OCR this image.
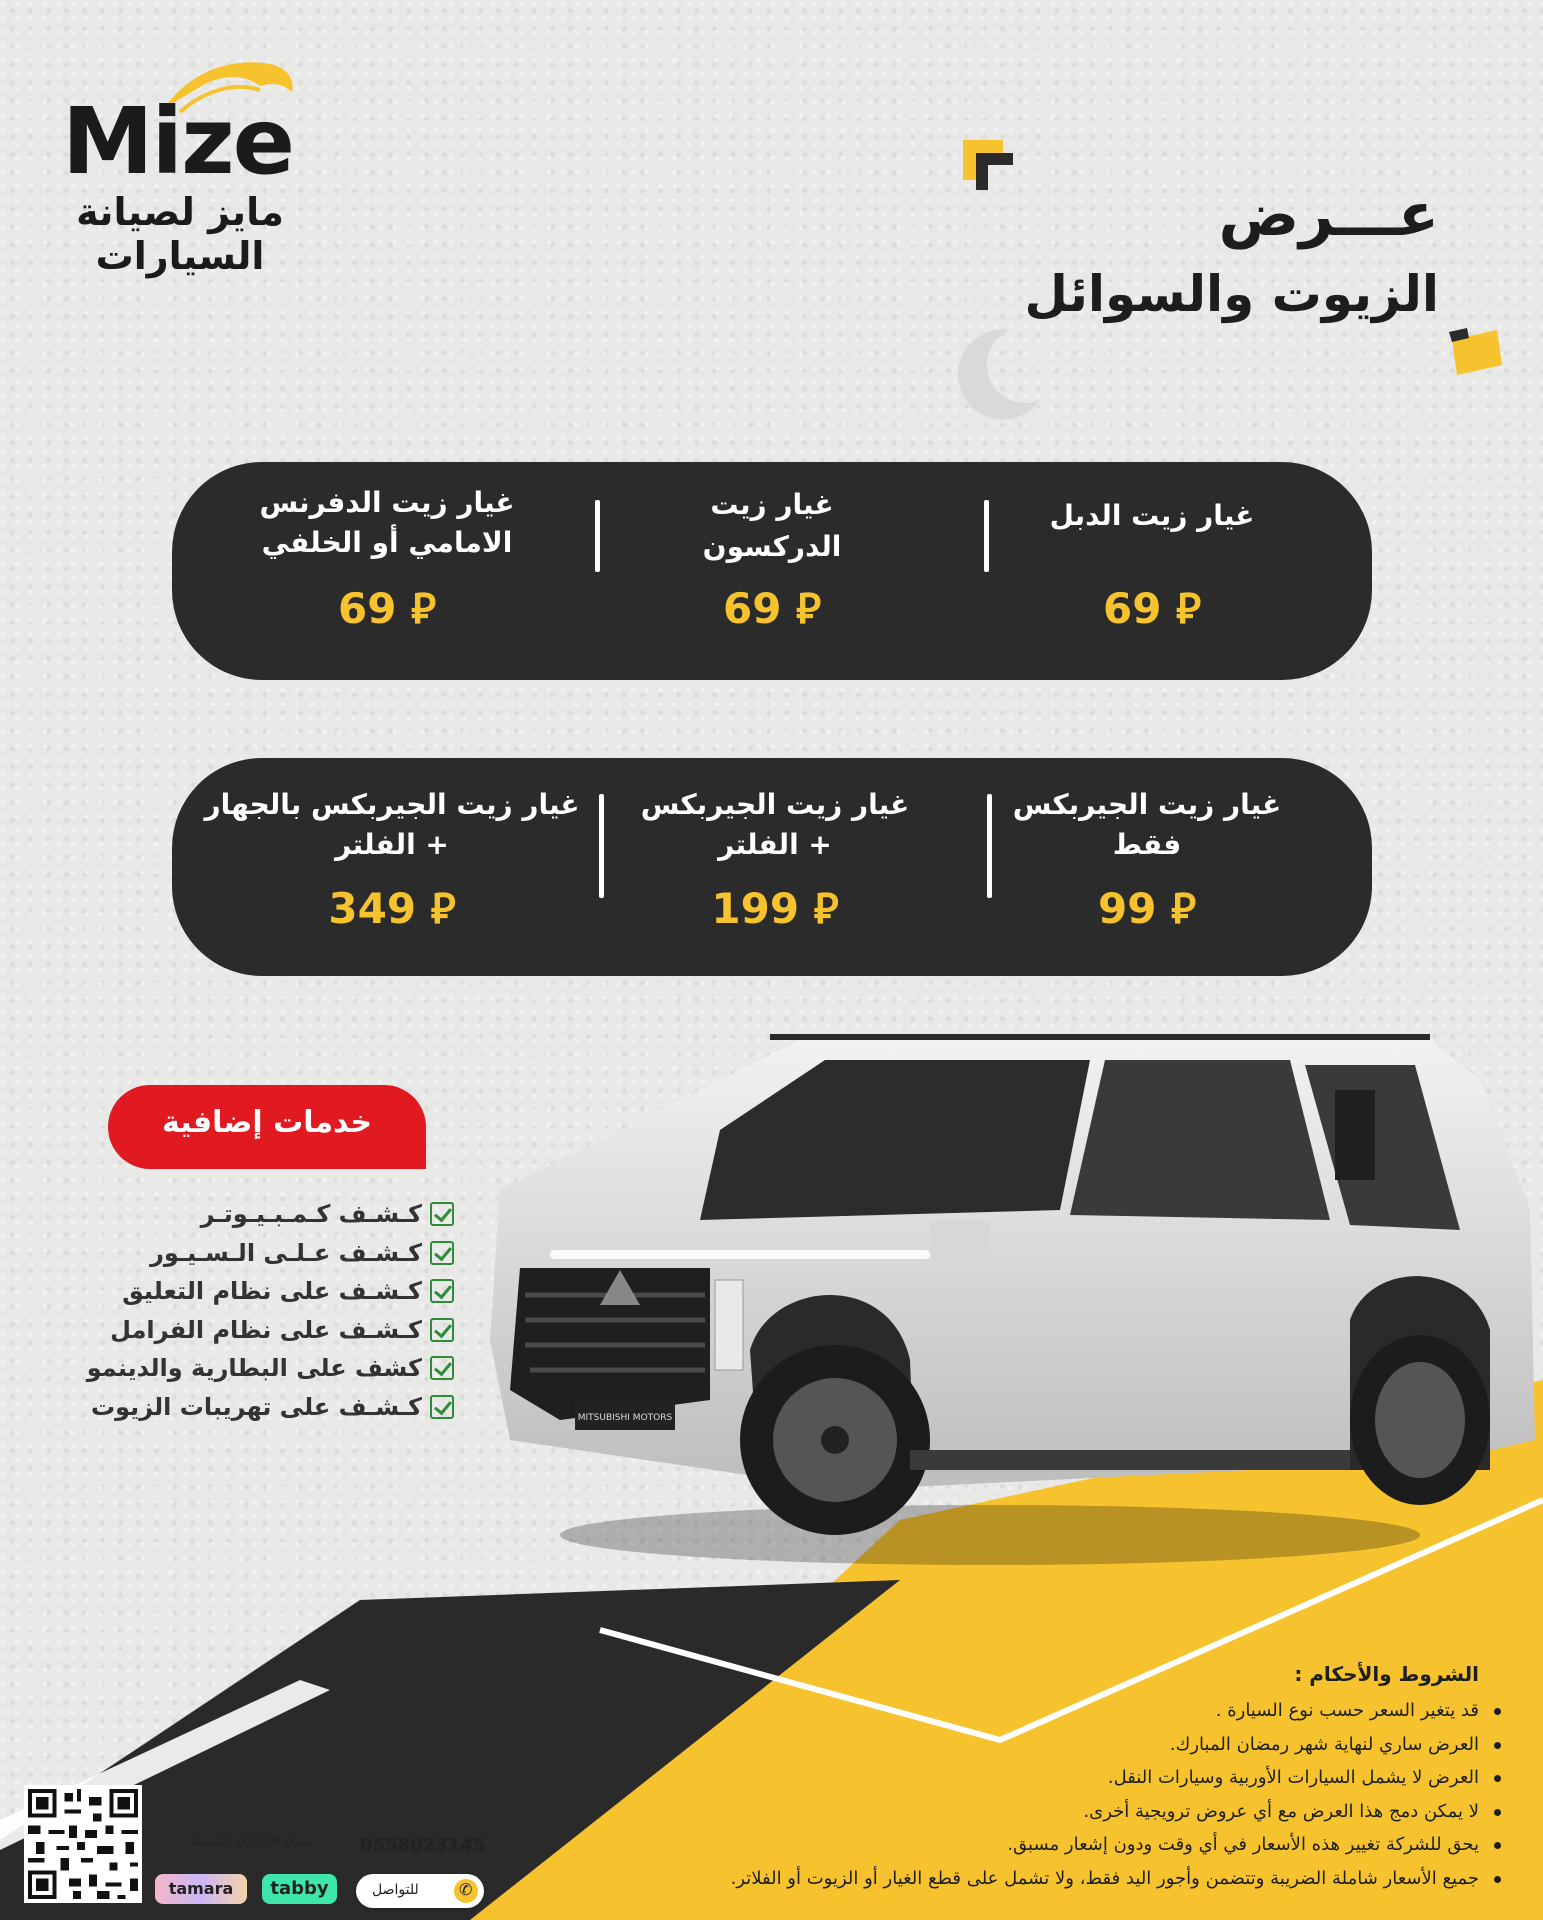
Mize
مايز لصيانة السيارات
عـــرض
الزيوت والسوائل
غيار زيت الدبل
69 ⃁
غيار زيت
الدركسون
69 ⃁
غيار زيت الدفرنس
الامامي أو الخلفي
69 ⃁
غيار زيت الجيربكس
فقط
99 ⃁
غيار زيت الجيربكس
+ الفلتر
199 ⃁
غيار زيت الجيربكس بالجهار
+ الفلتر
349 ⃁
خدمات إضافية
كـشـف كـمـبـيـوتـر
كـشـف عـلـى الـسـيـور
كـشـف على نظام التعليق
كـشـف على نظام الفرامل
كشف على البطارية والدينمو
كـشـف على تهريبات الزيوت	MITSUBISHI MOTORS
الشروط والأحكام :
قد يتغير السعر حسب نوع السيارة .
العرض ساري لنهاية شهر رمضان المبارك.
العرض لا يشمل السيارات الأوربية وسيارات النقل.
لا يمكن دمج هذا العرض مع أي عروض ترويجية أخرى.
يحق للشركة تغيير هذه الأسعار في أي وقت ودون إشعار مسبق.
جميع الأسعار شاملة الضريبة وتتضمن وأجور اليد فقط، ولا تشمل على قطع الغيار أو الزيوت أو الفلاتر.
متوفر الآن الدفع بالتقسيط
tamara	tabby
0558023145
للتواصل
✆
